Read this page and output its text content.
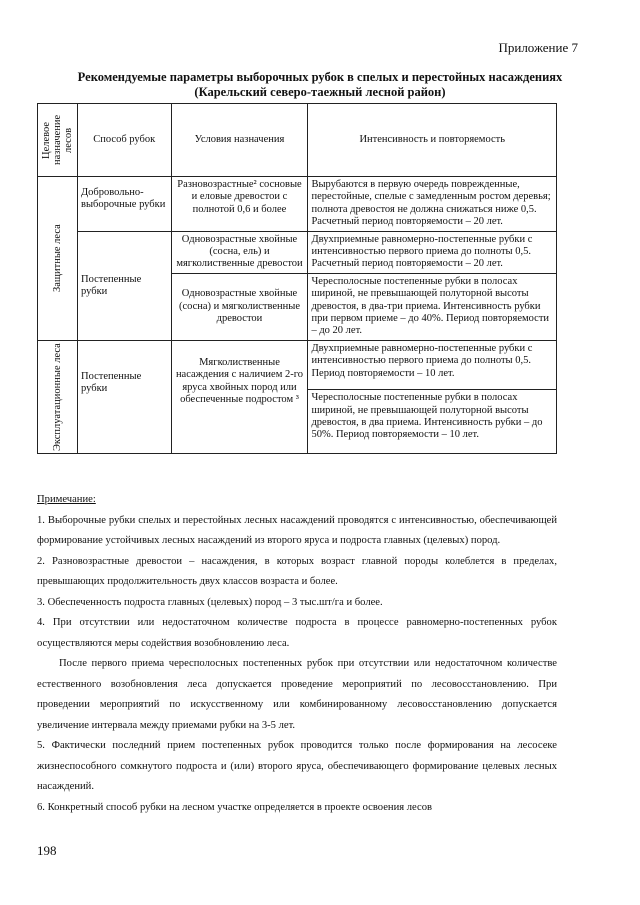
Приложение 7
Рекомендуемые параметры выборочных рубок в спелых и перестойных насаждениях
(Карельский северо-таежный лесной район)
Целевое назначение лесов	Способ рубок	Условия назначения	Интенсивность и повторяемость

Защитные леса	Добровольно-выборочные рубки	Разновозрастные² сосновые и еловые древостои с полнотой 0,6 и более	Вырубаются в первую очередь поврежденные, перестойные, спелые с замедленным ростом деревья; полнота древостоя не должна снижаться ниже 0,5. Расчетный период повторяемости – 20 лет.
	Постепенные рубки	Одновозрастные хвойные (сосна, ель) и мягколиственные древостои	Двухприемные равномерно-постепенные рубки с интенсивностью первого приема до полноты 0,5. Расчетный период повторяемости – 20 лет.
		Одновозрастные хвойные (сосна) и мягколиственные древостои	Чересполосные постепенные рубки в полосах шириной, не превышающей полуторной высоты древостоя, в два-три приема. Интенсивность рубки при первом приеме – до 40%. Период повторяемости – до 20 лет.

Эксплуатационные леса	Постепенные рубки	Мягколиственные насаждения с наличием 2-го яруса хвойных пород или обеспеченные подростом ³	Двухприемные равномерно-постепенные рубки с интенсивностью первого приема до полноты 0,5. Период повторяемости – 10 лет.
			Чересполосные постепенные рубки в полосах шириной, не превышающей полуторной высоты древостоя, в два приема. Интенсивность рубки – до 50%. Период повторяемости – 10 лет.

Примечание:

1. Выборочные рубки спелых и перестойных лесных насаждений проводятся с интенсивностью, обеспечивающей формирование устойчивых лесных насаждений из второго яруса и подроста главных (целевых) пород.

2. Разновозрастные древостои – насаждения, в которых возраст главной породы колеблется в пределах, превышающих продолжительность двух классов возраста и более.

3. Обеспеченность подроста главных (целевых) пород – 3 тыс.шт/га и более.

4. При отсутствии или недостаточном количестве подроста в процессе равномерно-постепенных рубок осуществляются меры содействия возобновлению леса.

После первого приема чересполосных постепенных рубок при отсутствии или недостаточном количестве естественного возобновления леса допускается проведение мероприятий по лесовосстановлению. При проведении мероприятий по искусственному или комбинированному лесовосстановлению допускается увеличение интервала между приемами рубки на 3-5 лет.

5. Фактически последний прием постепенных рубок проводится только после формирования на лесосеке жизнеспособного сомкнутого подроста и (или) второго яруса, обеспечивающего формирование целевых лесных насаждений.

6. Конкретный способ рубки на лесном участке определяется в проекте освоения лесов

198
